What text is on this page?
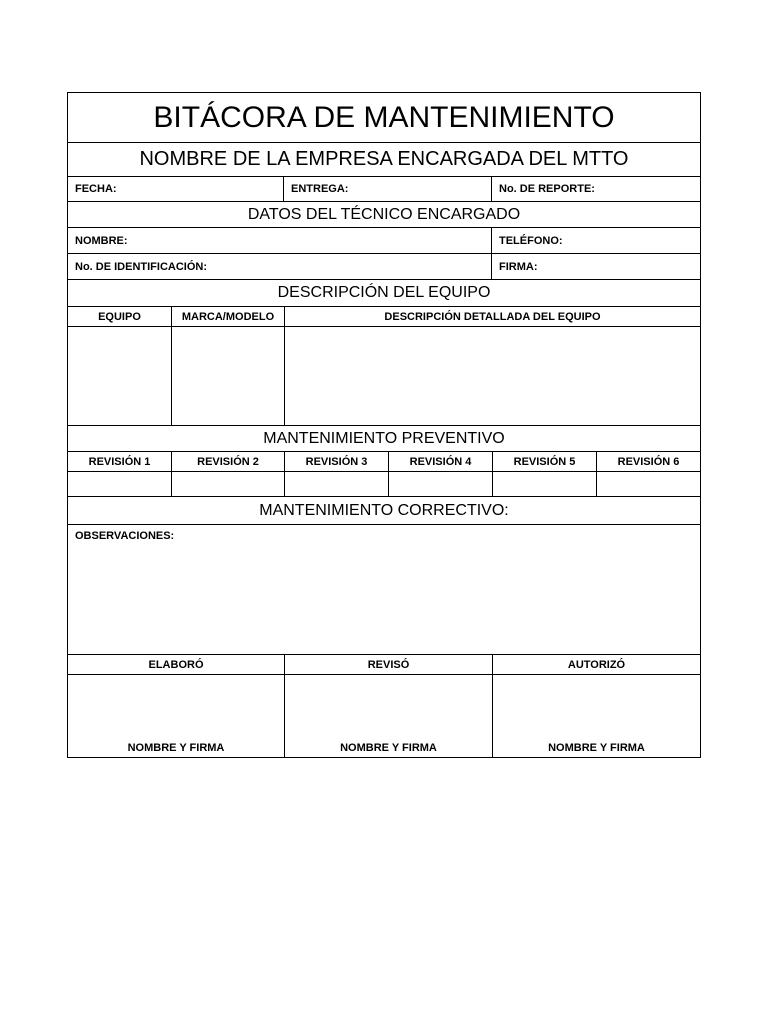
BITÁCORA DE MANTENIMIENTO
NOMBRE DE LA EMPRESA ENCARGADA DEL MTTO
FECHA:	ENTREGA:	No. DE REPORTE:
DATOS DEL TÉCNICO ENCARGADO
NOMBRE:	TELÉFONO:
No. DE IDENTIFICACIÓN:	FIRMA:
DESCRIPCIÓN DEL EQUIPO
EQUIPO	MARCA/MODELO	DESCRIPCIÓN DETALLADA DEL EQUIPO
MANTENIMIENTO PREVENTIVO
REVISIÓN 1	REVISIÓN 2	REVISIÓN 3	REVISIÓN 4	REVISIÓN 5	REVISIÓN 6
MANTENIMIENTO CORRECTIVO:
OBSERVACIONES:
ELABORÓ	REVISÓ	AUTORIZÓ
NOMBRE Y FIRMA	NOMBRE Y FIRMA	NOMBRE Y FIRMA
